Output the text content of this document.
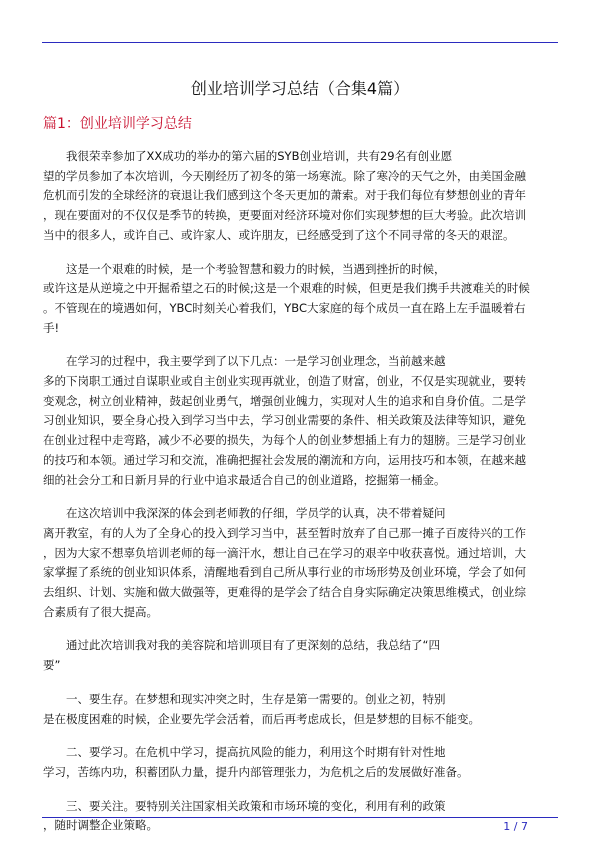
创业培训学习总结（合集4篇）
篇1：创业培训学习总结

我很荣幸参加了XX成功的举办的第六届的SYB创业培训，共有29名有创业愿
望的学员参加了本次培训，今天刚经历了初冬的第一场寒流。除了寒冷的天气之外，由美国金融
危机而引发的全球经济的衰退让我们感到这个冬天更加的萧索。对于我们每位有梦想创业的青年
，现在要面对的不仅仅是季节的转换，更要面对经济环境对你们实现梦想的巨大考验。此次培训
当中的很多人，或许自己、或许家人、或许朋友，已经感受到了这个不同寻常的冬天的艰涩。

这是一个艰难的时候，是一个考验智慧和毅力的时候，当遇到挫折的时候，
或许这是从逆境之中开掘希望之石的时候;这是一个艰难的时候，但更是我们携手共渡难关的时候
。不管现在的境遇如何，YBC时刻关心着我们，YBC大家庭的每个成员一直在路上左手温暖着右
手!

在学习的过程中，我主要学到了以下几点：一是学习创业理念，当前越来越
多的下岗职工通过自谋职业或自主创业实现再就业，创造了财富，创业，不仅是实现就业，要转
变观念，树立创业精神，鼓起创业勇气，增强创业魄力，实现对人生的追求和自身价值。二是学
习创业知识，要全身心投入到学习当中去，学习创业需要的条件、相关政策及法律等知识，避免
在创业过程中走弯路，减少不必要的损失，为每个人的创业梦想插上有力的翅膀。三是学习创业
的技巧和本领。通过学习和交流，准确把握社会发展的潮流和方向，运用技巧和本领，在越来越
细的社会分工和日新月异的行业中追求最适合自己的创业道路，挖掘第一桶金。

在这次培训中我深深的体会到老师教的仔细，学员学的认真，决不带着疑问
离开教室，有的人为了全身心的投入到学习当中，甚至暂时放弃了自己那一摊子百废待兴的工作
，因为大家不想辜负培训老师的每一滴汗水，想让自己在学习的艰辛中收获喜悦。通过培训，大
家掌握了系统的创业知识体系，清醒地看到自己所从事行业的市场形势及创业环境，学会了如何
去组织、计划、实施和做大做强等，更难得的是学会了结合自身实际确定决策思维模式，创业综
合素质有了很大提高。

通过此次培训我对我的美容院和培训项目有了更深刻的总结，我总结了“四
要”

一、要生存。在梦想和现实冲突之时，生存是第一需要的。创业之初，特别
是在极度困难的时候，企业要先学会活着，而后再考虑成长，但是梦想的目标不能变。

二、要学习。在危机中学习，提高抗风险的能力，利用这个时期有针对性地
学习，苦练内功，积蓄团队力量，提升内部管理张力，为危机之后的发展做好准备。

三、要关注。要特别关注国家相关政策和市场环境的变化，利用有利的政策
，随时调整企业策略。	1 / 7
